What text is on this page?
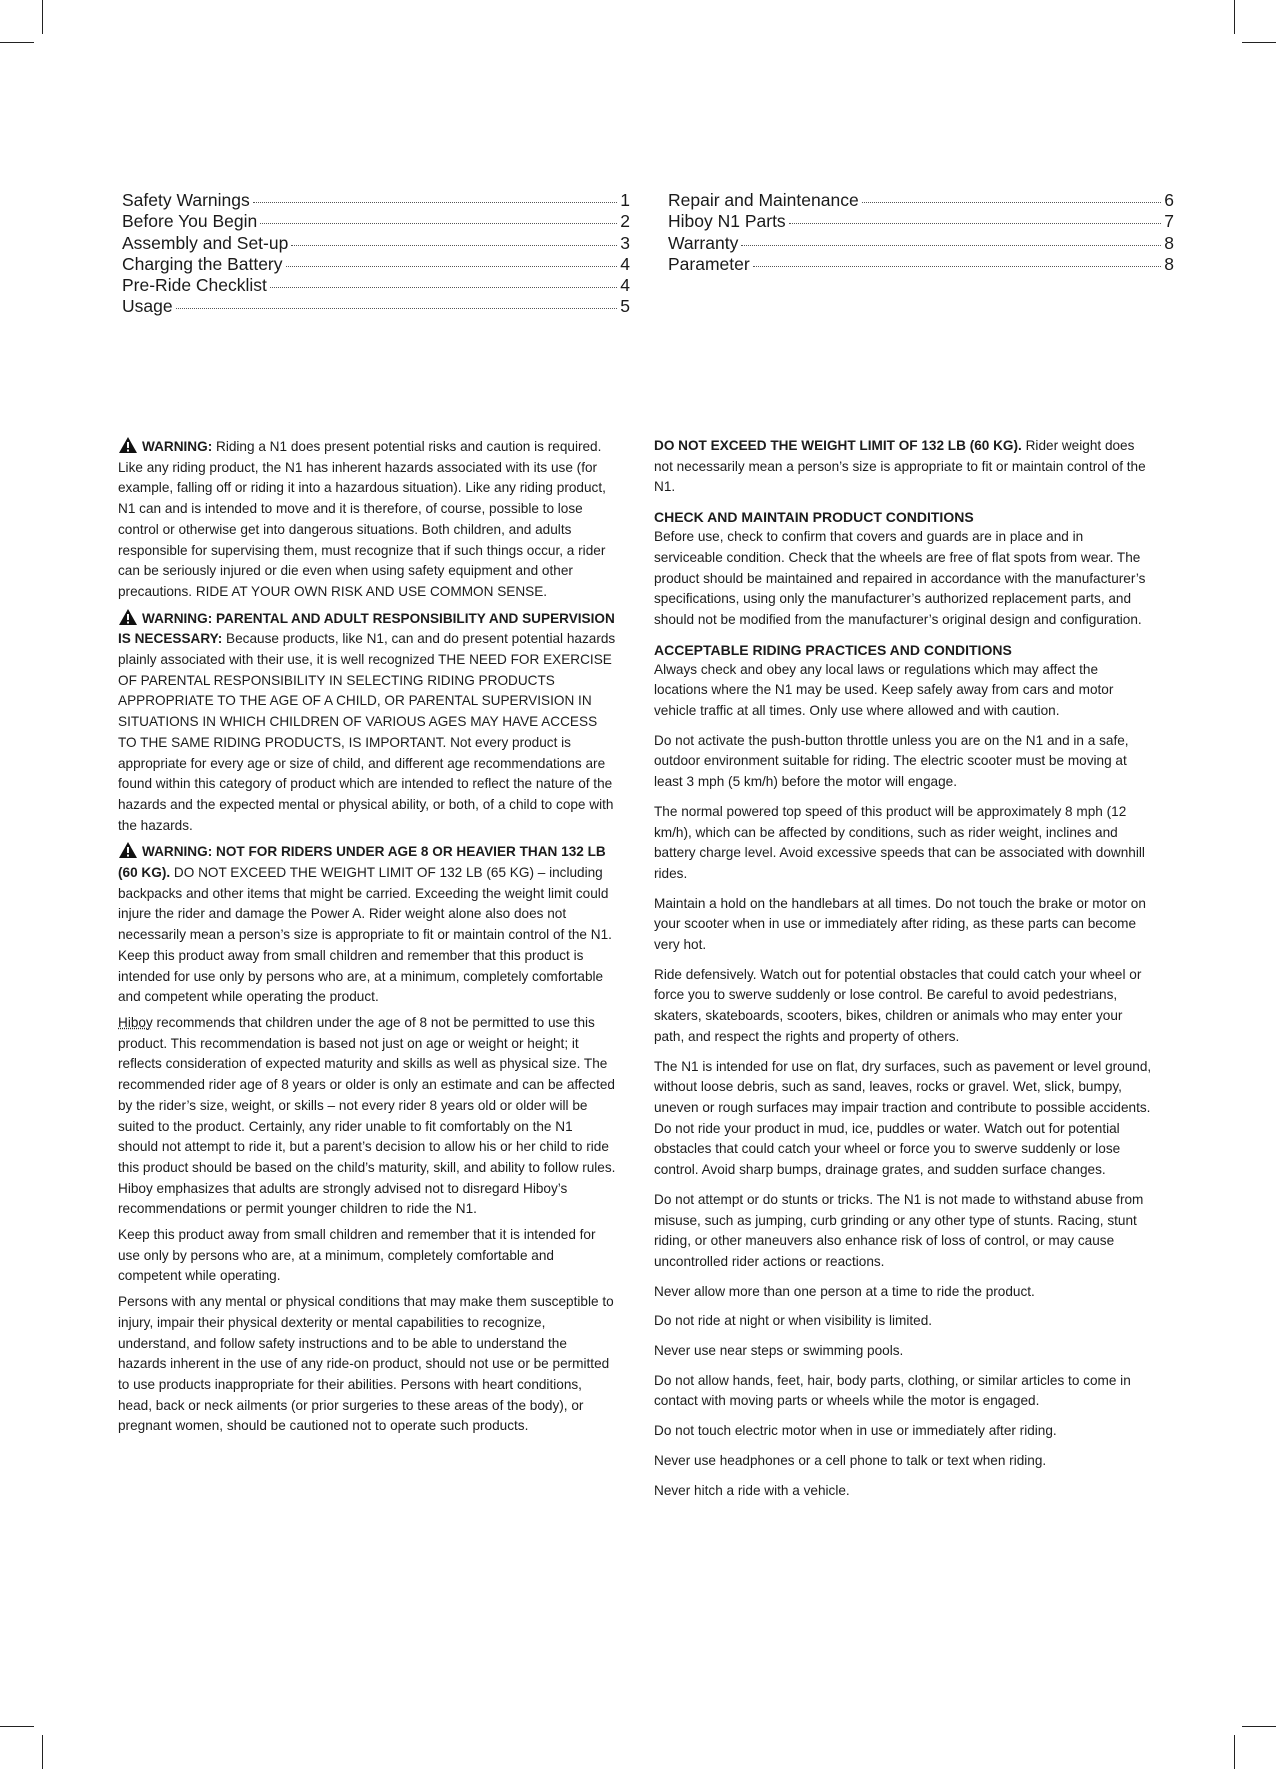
Safety Warnings	1
Before You Begin	2
Assembly and Set-up	3
Charging the Battery	4
Pre-Ride Checklist	4
Usage	5
Repair and Maintenance	6
Hiboy N1 Parts	7
Warranty	8
Parameter	8

WARNING: Riding a N1 does present potential risks and caution is required. Like any riding product, the N1 has inherent hazards associated with its use (for example, falling off or riding it into a hazardous situation). Like any riding product, N1 can and is intended to move and it is therefore, of course, possible to lose control or otherwise get into dangerous situations. Both children, and adults responsible for supervising them, must recognize that if such things occur, a rider can be seriously injured or die even when using safety equipment and other precautions. RIDE AT YOUR OWN RISK AND USE COMMON SENSE.

WARNING: PARENTAL AND ADULT RESPONSIBILITY AND SUPERVISION IS NECESSARY: Because products, like N1, can and do present potential hazards plainly associated with their use, it is well recognized THE NEED FOR EXERCISE OF PARENTAL RESPONSIBILITY IN SELECTING RIDING PRODUCTS APPROPRIATE TO THE AGE OF A CHILD, OR PARENTAL SUPERVISION IN SITUATIONS IN WHICH CHILDREN OF VARIOUS AGES MAY HAVE ACCESS TO THE SAME RIDING PRODUCTS, IS IMPORTANT. Not every product is appropriate for every age or size of child, and different age recommendations are found within this category of product which are intended to reflect the nature of the hazards and the expected mental or physical ability, or both, of a child to cope with the hazards.

WARNING: NOT FOR RIDERS UNDER AGE 8 OR HEAVIER THAN 132 LB (60 KG). DO NOT EXCEED THE WEIGHT LIMIT OF 132 LB (65 KG) – including backpacks and other items that might be carried. Exceeding the weight limit could injure the rider and damage the Power A. Rider weight alone also does not necessarily mean a person’s size is appropriate to fit or maintain control of the N1. Keep this product away from small children and remember that this product is intended for use only by persons who are, at a minimum, completely comfortable and competent while operating the product.

Hiboy recommends that children under the age of 8 not be permitted to use this product. This recommendation is based not just on age or weight or height; it reflects consideration of expected maturity and skills as well as physical size. The recommended rider age of 8 years or older is only an estimate and can be affected by the rider’s size, weight, or skills – not every rider 8 years old or older will be suited to the product. Certainly, any rider unable to fit comfortably on the N1 should not attempt to ride it, but a parent’s decision to allow his or her child to ride this product should be based on the child’s maturity, skill, and ability to follow rules. Hiboy emphasizes that adults are strongly advised not to disregard Hiboy’s recommendations or permit younger children to ride the N1.

Keep this product away from small children and remember that it is intended for use only by persons who are, at a minimum, completely comfortable and competent while operating.

Persons with any mental or physical conditions that may make them susceptible to injury, impair their physical dexterity or mental capabilities to recognize, understand, and follow safety instructions and to be able to understand the hazards inherent in the use of any ride-on product, should not use or be permitted to use products inappropriate for their abilities. Persons with heart conditions, head, back or neck ailments (or prior surgeries to these areas of the body), or pregnant women, should be cautioned not to operate such products.

DO NOT EXCEED THE WEIGHT LIMIT OF 132 LB (60 KG). Rider weight does not necessarily mean a person’s size is appropriate to fit or maintain control of the N1.

CHECK AND MAINTAIN PRODUCT CONDITIONS

Before use, check to confirm that covers and guards are in place and in serviceable condition. Check that the wheels are free of flat spots from wear. The product should be maintained and repaired in accordance with the manufacturer’s specifications, using only the manufacturer’s authorized replacement parts, and should not be modified from the manufacturer’s original design and configuration.

ACCEPTABLE RIDING PRACTICES AND CONDITIONS

Always check and obey any local laws or regulations which may affect the locations where the N1 may be used. Keep safely away from cars and motor vehicle traffic at all times. Only use where allowed and with caution.

Do not activate the push-button throttle unless you are on the N1 and in a safe, outdoor environment suitable for riding. The electric scooter must be moving at least 3 mph (5 km/h) before the motor will engage.

The normal powered top speed of this product will be approximately 8 mph (12 km/h), which can be affected by conditions, such as rider weight, inclines and battery charge level. Avoid excessive speeds that can be associated with downhill rides.

Maintain a hold on the handlebars at all times. Do not touch the brake or motor on your scooter when in use or immediately after riding, as these parts can become very hot.

Ride defensively. Watch out for potential obstacles that could catch your wheel or force you to swerve suddenly or lose control. Be careful to avoid pedestrians, skaters, skateboards, scooters, bikes, children or animals who may enter your path, and respect the rights and property of others.

The N1 is intended for use on flat, dry surfaces, such as pavement or level ground, without loose debris, such as sand, leaves, rocks or gravel. Wet, slick, bumpy, uneven or rough surfaces may impair traction and contribute to possible accidents. Do not ride your product in mud, ice, puddles or water. Watch out for potential obstacles that could catch your wheel or force you to swerve suddenly or lose control. Avoid sharp bumps, drainage grates, and sudden surface changes.

Do not attempt or do stunts or tricks. The N1 is not made to withstand abuse from misuse, such as jumping, curb grinding or any other type of stunts. Racing, stunt riding, or other maneuvers also enhance risk of loss of control, or may cause uncontrolled rider actions or reactions.

Never allow more than one person at a time to ride the product.

Do not ride at night or when visibility is limited.

Never use near steps or swimming pools.

Do not allow hands, feet, hair, body parts, clothing, or similar articles to come in contact with moving parts or wheels while the motor is engaged.

Do not touch electric motor when in use or immediately after riding.

Never use headphones or a cell phone to talk or text when riding.

Never hitch a ride with a vehicle.
